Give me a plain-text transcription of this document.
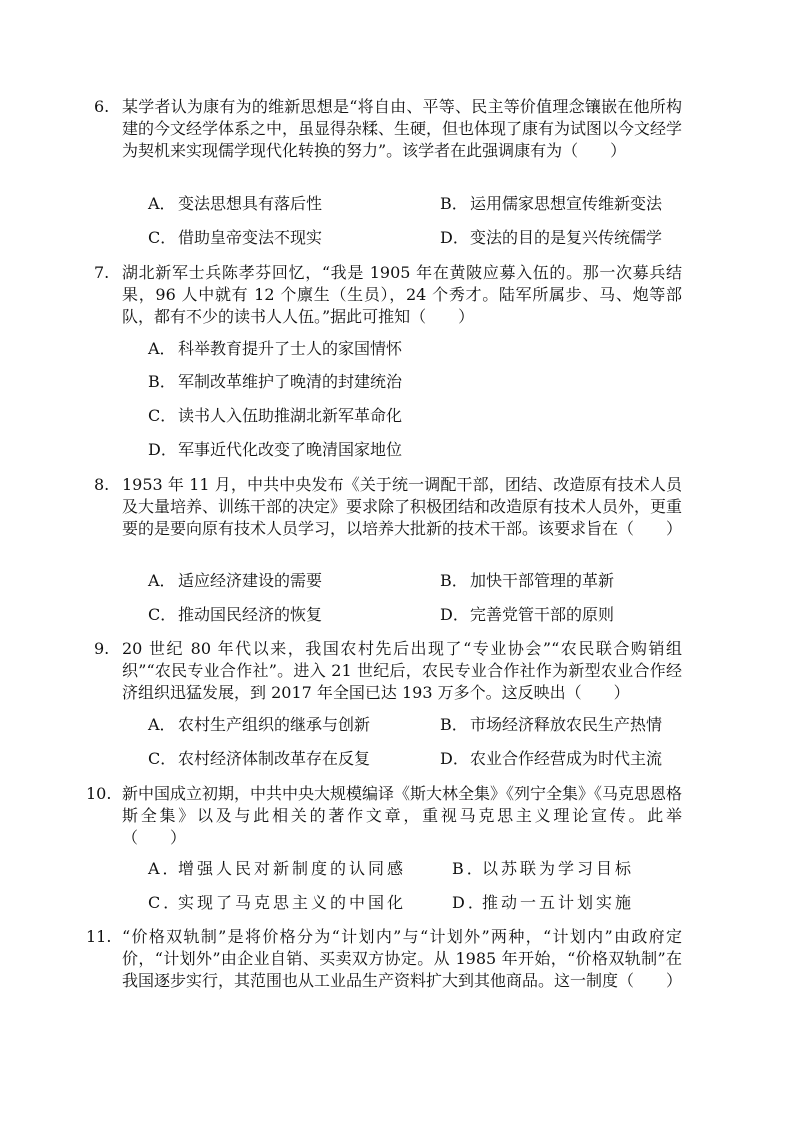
6. 某学者认为康有为的维新思想是“将自由、平等、民主等价值理念镶嵌在他所构建的今文经学体系之中，虽显得杂糅、生硬，但也体现了康有为试图以今文经学为契机来实现儒学现代化转换的努力”。该学者在此强调康有为（　　）

A． 变法思想具有落后性	B． 运用儒家思想宣传维新变法
C． 借助皇帝变法不现实	D．变法的目的是复兴传统儒学
7. 湖北新军士兵陈孝芬回忆，“我是 1905 年在黄陂应募入伍的。那一次募兵结果，96 人中就有 12 个廪生（生员），24 个秀才。陆军所属步、马、炮等部队，都有不少的读书人人伍。”据此可推知（　　）

A． 科举教育提升了士人的家国情怀
B． 军制改革维护了晚清的封建统治
C． 读书人入伍助推湖北新军革命化
D．军事近代化改变了晚清国家地位
8. 1953 年 11 月，中共中央发布《关于统一调配干部，团结、改造原有技术人员及大量培养、训练干部的决定》要求除了积极团结和改造原有技术人员外，更重要的是要向原有技术人员学习，以培养大批新的技术干部。该要求旨在（　　）

A． 适应经济建设的需要	B． 加快干部管理的革新
C． 推动国民经济的恢复	D．完善党管干部的原则
9. 20 世纪 80 年代以来，我国农村先后出现了“专业协会”“农民联合购销组织”“农民专业合作社”。进入 21 世纪后，农民专业合作社作为新型农业合作经济组织迅猛发展，到 2017 年全国已达 193 万多个。这反映出（　　）

A． 农村生产组织的继承与创新	B． 市场经济释放农民生产热情
C． 农村经济体制改革存在反复	D．农业合作经营成为时代主流
10. 新中国成立初期，中共中央大规模编译《斯大林全集》《列宁全集》《马克思恩格斯全集》以及与此相关的著作文章，重视马克思主义理论宣传。此举　　　　　　　（　　）

A．增强人民对新制度的认同感	B．以苏联为学习目标
C．实现了马克思主义的中国化	D．推动一五计划实施
11. “价格双轨制”是将价格分为“计划内”与“计划外”两种，“计划内”由政府定价，“计划外”由企业自销、买卖双方协定。从 1985 年开始，“价格双轨制”在我国逐步实行，其范围也从工业品生产资料扩大到其他商品。这一制度（　　）
